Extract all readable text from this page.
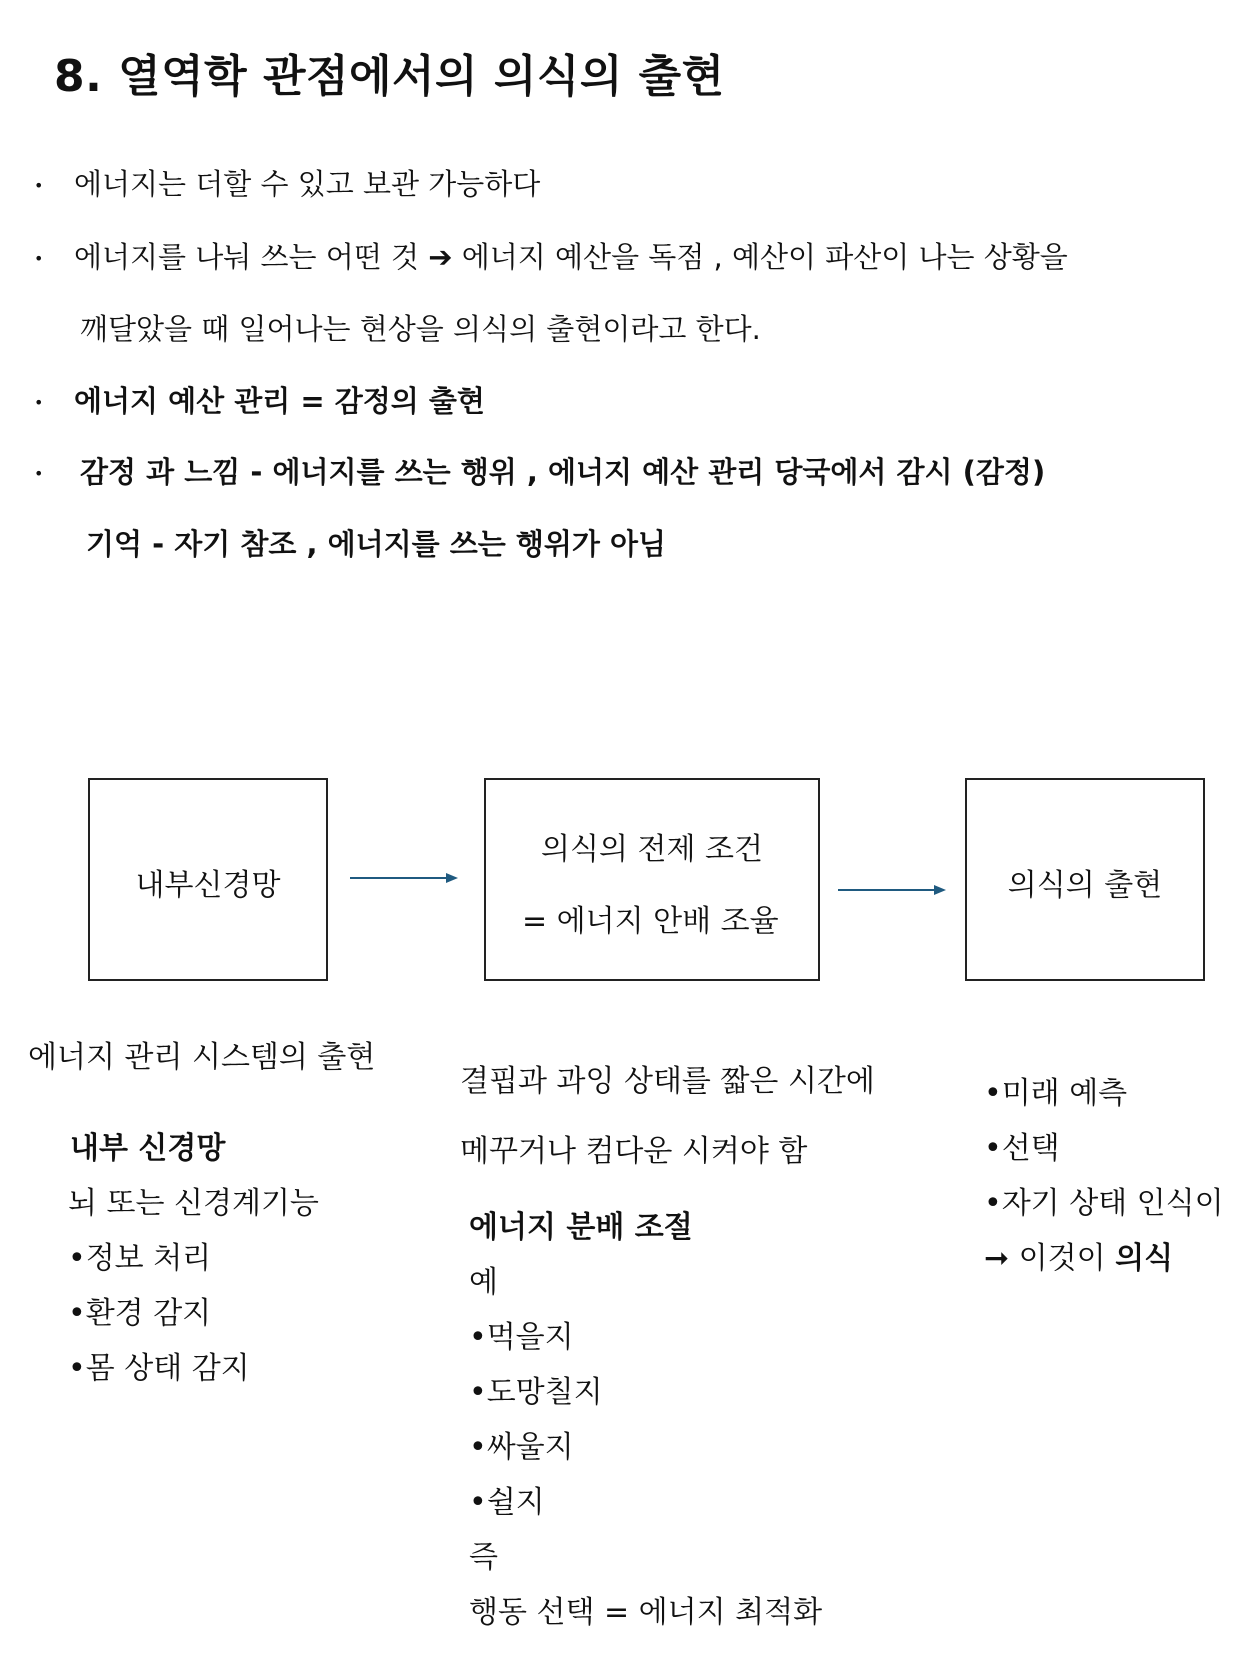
8. 열역학 관점에서의 의식의 출현
• 에너지는 더할 수 있고 보관 가능하다
• 에너지를 나눠 쓰는 어떤 것 ➔ 에너지 예산을 독점 , 예산이 파산이 나는 상황을
깨달았을 때 일어나는 현상을 의식의 출현이라고 한다.
• 에너지 예산 관리 = 감정의 출현
• 감정 과 느낌 - 에너지를 쓰는 행위 , 에너지 예산 관리 당국에서 감시 (감정)
기억 - 자기 참조 , 에너지를 쓰는 행위가 아님
내부신경망
의식의 전제 조건
= 에너지 안배 조율
의식의 출현
에너지 관리 시스템의 출현
내부 신경망
뇌 또는 신경계기능
•정보 처리
•환경 감지
•몸 상태 감지
결핍과 과잉 상태를 짧은 시간에
메꾸거나 컴다운 시켜야 함
에너지 분배 조절
예
•먹을지
•도망칠지
•싸울지
•쉴지
즉
행동 선택 = 에너지 최적화
•미래 예측
•선택
•자기 상태 인식이
➞ 이것이 의식
